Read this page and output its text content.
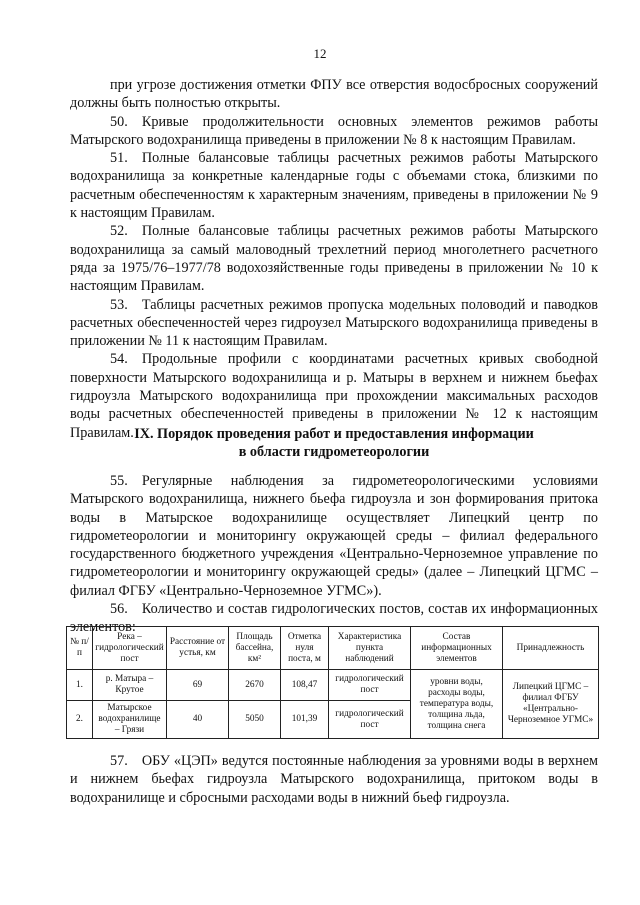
12

при угрозе достижения отметки ФПУ все отверстия водосбросных сооружений должны быть полностью открыты.

50. Кривые продолжительности основных элементов режимов работы Матырского водохранилища приведены в приложении № 8 к настоящим Правилам.

51. Полные балансовые таблицы расчетных режимов работы Матырского водохранилища за конкретные календарные годы с объемами стока, близкими по расчетным обеспеченностям к характерным значениям, приведены в приложении № 9 к настоящим Правилам.

52. Полные балансовые таблицы расчетных режимов работы Матырского водохранилища за самый маловодный трехлетний период многолетнего расчетного ряда за 1975/76–1977/78 водохозяйственные годы приведены в приложении № 10 к настоящим Правилам.

53. Таблицы расчетных режимов пропуска модельных половодий и паводков расчетных обеспеченностей через гидроузел Матырского водохранилища приведены в приложении № 11 к настоящим Правилам.

54. Продольные профили с координатами расчетных кривых свободной поверхности Матырского водохранилища и р. Матыры в верхнем и нижнем бьефах гидроузла Матырского водохранилища при прохождении максимальных расходов воды расчетных обеспеченностей приведены в приложении № 12 к настоящим Правилам. IX. Порядок проведения работ и предоставления информации
в области гидрометеорологии

55. Регулярные наблюдения за гидрометеорологическими условиями Матырского водохранилища, нижнего бьефа гидроузла и зон формирования притока воды в Матырское водохранилище осуществляет Липецкий центр по гидрометеорологии и мониторингу окружающей среды – филиал федерального государственного бюджетного учреждения «Центрально-Черноземное управление по гидрометеорологии и мониторингу окружающей среды» (далее – Липецкий ЦГМС – филиал ФГБУ «Центрально-Черноземное УГМС»).

56. Количество и состав гидрологических постов, состав их информационных элементов:

№ п/п	Река – гидрологический пост	Расстояние от устья, км	Площадь бассейна, км²	Отметка нуля поста, м	Характеристика пункта наблюдений	Состав информационных элементов	Принадлежность
1.	р. Матыра – Крутое	69	2670	108,47	гидрологический пост	уровни воды, расходы воды, температура воды, толщина льда, толщина снега	Липецкий ЦГМС – филиал ФГБУ «Центрально-Черноземное УГМС»
2.	Матырское водохранилище – Грязи	40	5050	101,39	гидрологический пост		

57. ОБУ «ЦЭП» ведутся постоянные наблюдения за уровнями воды в верхнем и нижнем бьефах гидроузла Матырского водохранилища, притоком воды в водохранилище и сбросными расходами воды в нижний бьеф гидроузла.
